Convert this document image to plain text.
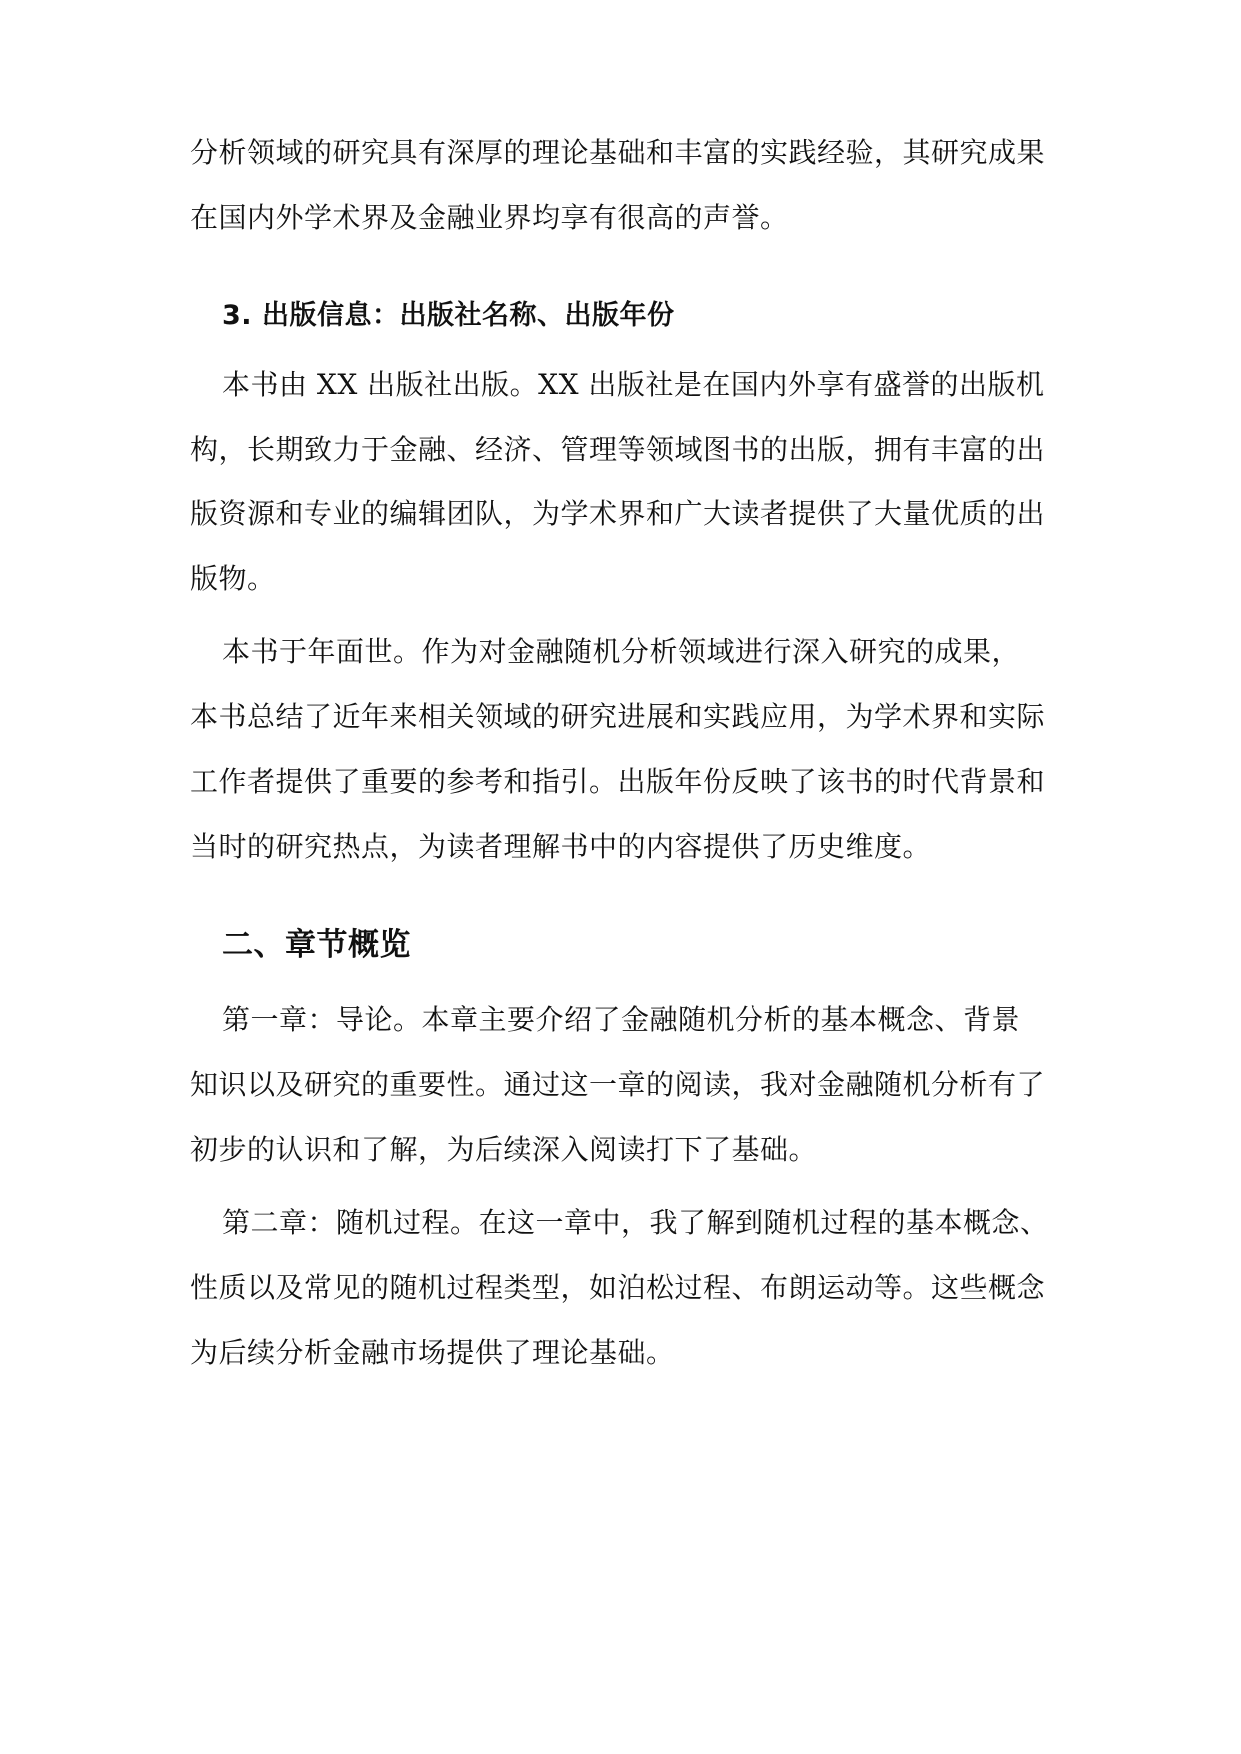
分析领域的研究具有深厚的理论基础和丰富的实践经验，其研究成果
在国内外学术界及金融业界均享有很高的声誉。
3. 出版信息：出版社名称、出版年份
本书由 XX 出版社出版。XX 出版社是在国内外享有盛誉的出版机
构，长期致力于金融、经济、管理等领域图书的出版，拥有丰富的出
版资源和专业的编辑团队，为学术界和广大读者提供了大量优质的出
版物。
本书于年面世。作为对金融随机分析领域进行深入研究的成果，
本书总结了近年来相关领域的研究进展和实践应用，为学术界和实际
工作者提供了重要的参考和指引。出版年份反映了该书的时代背景和
当时的研究热点，为读者理解书中的内容提供了历史维度。
二、章节概览
第一章：导论。本章主要介绍了金融随机分析的基本概念、背景
知识以及研究的重要性。通过这一章的阅读，我对金融随机分析有了
初步的认识和了解，为后续深入阅读打下了基础。
第二章：随机过程。在这一章中，我了解到随机过程的基本概念、
性质以及常见的随机过程类型，如泊松过程、布朗运动等。这些概念
为后续分析金融市场提供了理论基础。
